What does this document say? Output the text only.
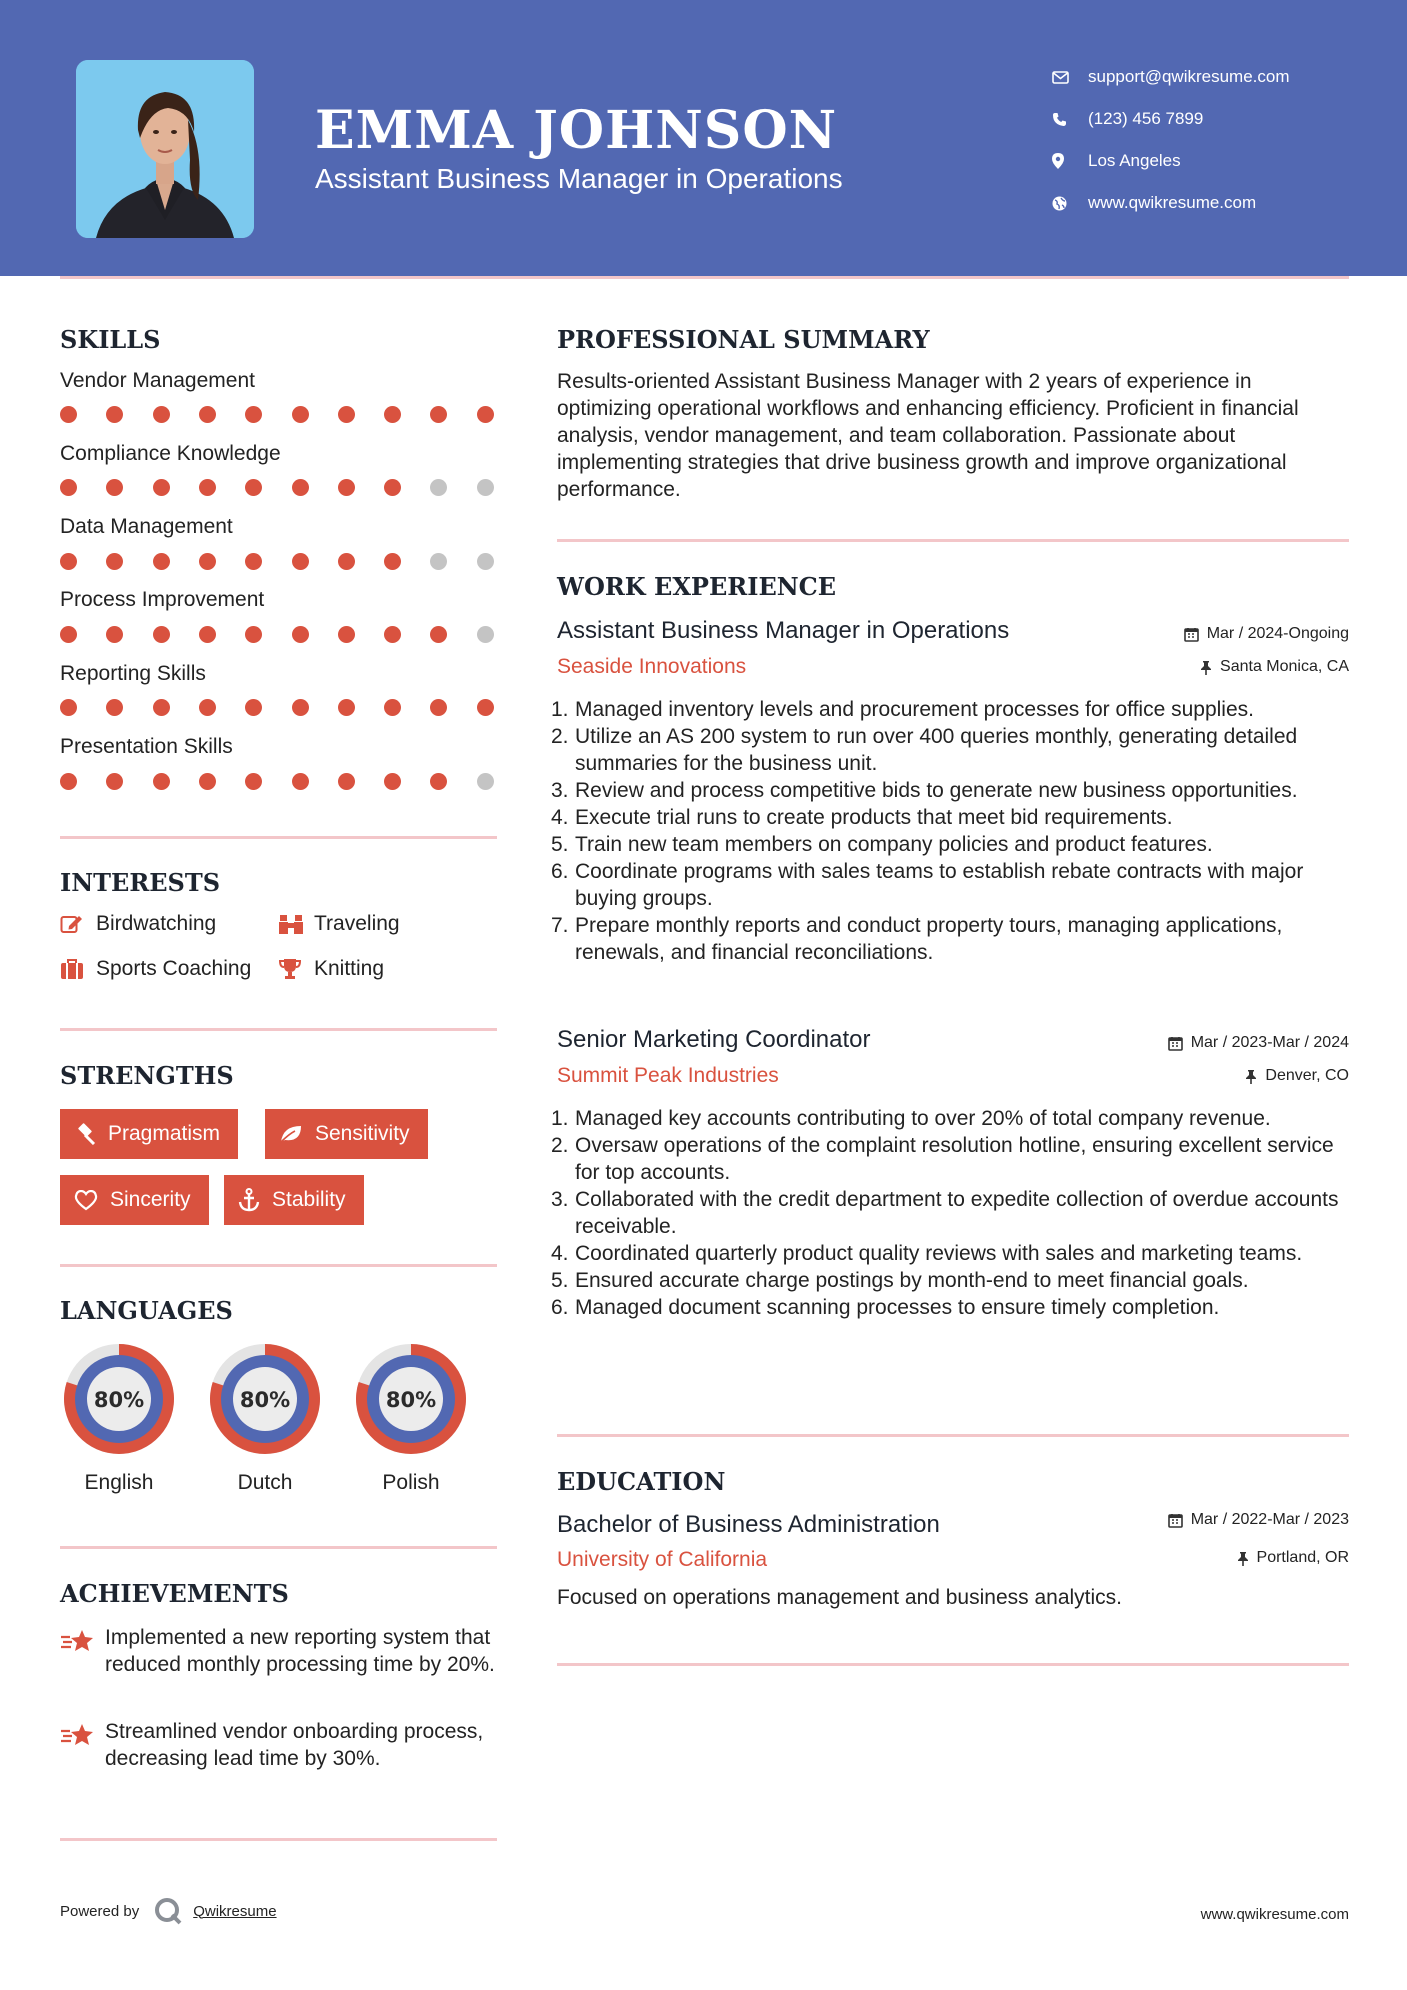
EMMA JOHNSON
Assistant Business Manager in Operations
support@qwikresume.com
(123) 456 7899
Los Angeles
www.qwikresume.com
SKILLS
Vendor Management
Compliance Knowledge
Data Management
Process Improvement
Reporting Skills
Presentation Skills
INTERESTS
Birdwatching	Traveling
Sports Coaching	Knitting
STRENGTHS
Pragmatism	Sensitivity
Sincerity	Stability
LANGUAGES
80%
English
80%
Dutch
80%
Polish
ACHIEVEMENTS
Implemented a new reporting system that reduced monthly processing time by 20%.
Streamlined vendor onboarding process, decreasing lead time by 30%.
PROFESSIONAL SUMMARY
Results-oriented Assistant Business Manager with 2 years of experience in optimizing operational workflows and enhancing efficiency. Proficient in financial analysis, vendor management, and team collaboration. Passionate about implementing strategies that drive business growth and improve organizational performance.
WORK EXPERIENCE
Assistant Business Manager in Operations	Mar / 2024-Ongoing
Seaside Innovations	Santa Monica, CA
1. Managed inventory levels and procurement processes for office supplies.
2. Utilize an AS 200 system to run over 400 queries monthly, generating detailed summaries for the business unit.
3. Review and process competitive bids to generate new business opportunities.
4. Execute trial runs to create products that meet bid requirements.
5. Train new team members on company policies and product features.
6. Coordinate programs with sales teams to establish rebate contracts with major buying groups.
7. Prepare monthly reports and conduct property tours, managing applications, renewals, and financial reconciliations.
Senior Marketing Coordinator	Mar / 2023-Mar / 2024
Summit Peak Industries	Denver, CO
1. Managed key accounts contributing to over 20% of total company revenue.
2. Oversaw operations of the complaint resolution hotline, ensuring excellent service for top accounts.
3. Collaborated with the credit department to expedite collection of overdue accounts receivable.
4. Coordinated quarterly product quality reviews with sales and marketing teams.
5. Ensured accurate charge postings by month-end to meet financial goals.
6. Managed document scanning processes to ensure timely completion.
EDUCATION
Bachelor of Business Administration	Mar / 2022-Mar / 2023
University of California	Portland, OR
Focused on operations management and business analytics.
Powered by	Qwikresume	www.qwikresume.com
